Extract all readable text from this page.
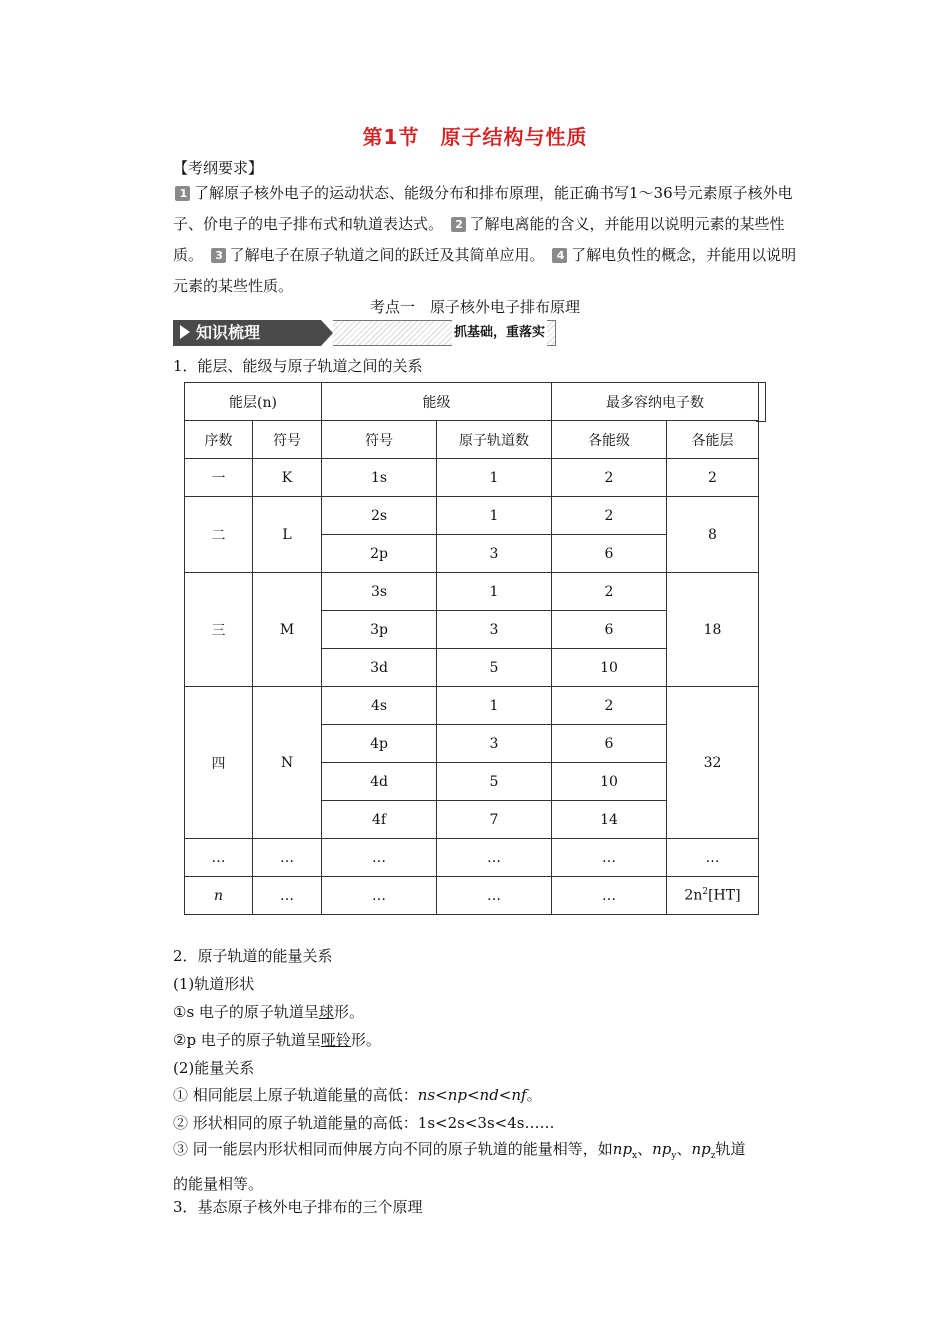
第1节　原子结构与性质
【考纲要求】
1 了解原子核外电子的运动状态、能级分布和排布原理，能正确书写1～36号元素原子核外电子、价电子的电子排布式和轨道表达式。　 2 了解电离能的含义，并能用以说明元素的某些性质。　 3 了解电子在原子轨道之间的跃迁及其简单应用。　 4 了解电负性的概念，并能用以说明元素的某些性质。
考点一　原子核外电子排布原理
知识梳理	抓基础，重落实
1．能层、能级与原子轨道之间的关系
能层(n)		能级		最多容纳电子数	
序数	符号	符号	原子轨道数	各能级	各能层
一	K	1s	1	2	2
二	L	2s	1	2	8
		2p	3	6	
三	M	3s	1	2	18
		3p	3	6	
		3d	5	10	
四	N	4s	1	2	32
		4p	3	6	
		4d	5	10	
		4f	7	14	
…	…	…	…	…	…
n	…	…	…	…	$2n^2[HT]$
2．原子轨道的能量关系
(1)轨道形状
①s 电子的原子轨道呈球形。
②p 电子的原子轨道呈哑铃形。
(2)能量关系
① 相同能层上原子轨道能量的高低：ns<np<nd<nf。
② 形状相同的原子轨道能量的高低：1s<2s<3s<4s……
③ 同一能层内形状相同而伸展方向不同的原子轨道的能量相等，如$np_x$、$np_y$、$np_z$轨道
的能量相等。
3．基态原子核外电子排布的三个原理
